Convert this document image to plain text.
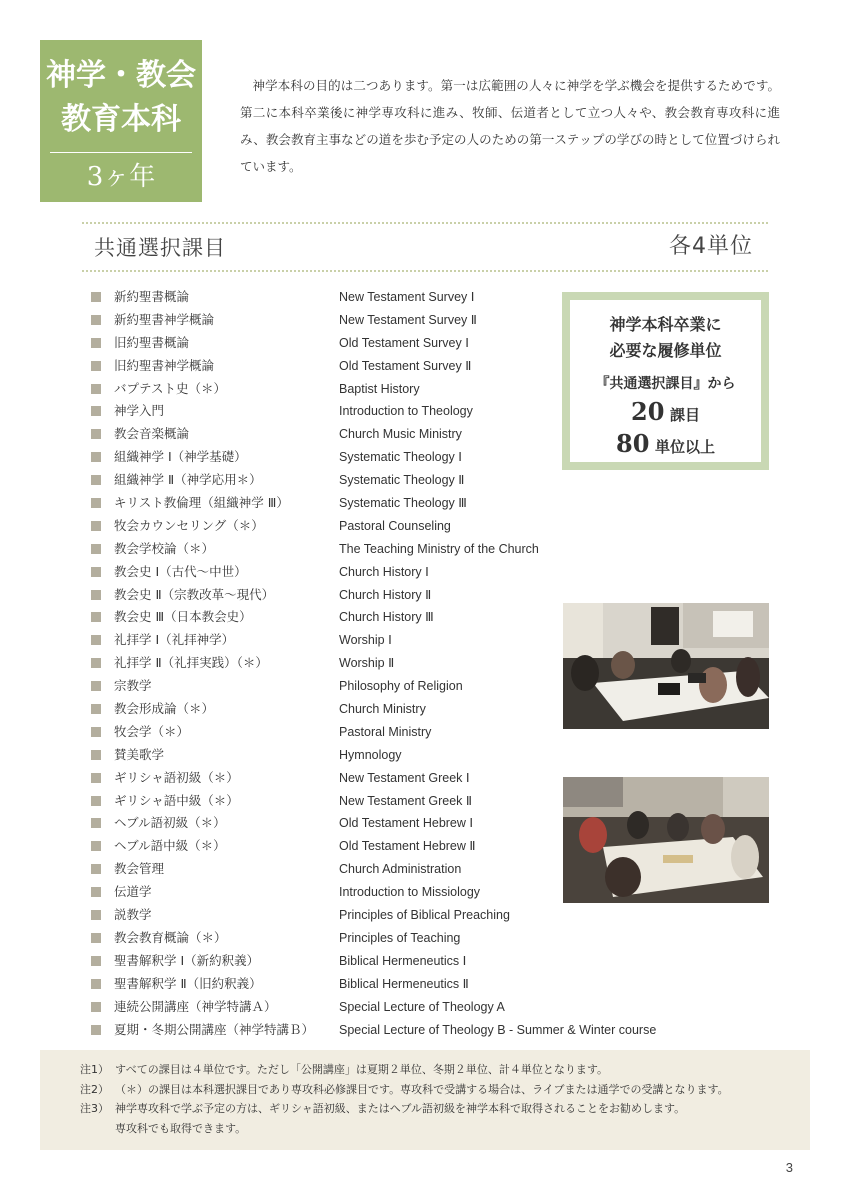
神学・教会
教育本科
3ヶ年

神学本科の目的は二つあります。第一は広範囲の人々に神学を学ぶ機会を提供するためです。第二に本科卒業後に神学専攻科に進み、牧師、伝道者として立つ人々や、教会教育専攻科に進み、教会教育主事などの道を歩む予定の人のための第一ステップの学びの時として位置づけられています。

共通選択課目	各4単位
新約聖書概論	New Testament Survey Ⅰ
新約聖書神学概論	New Testament Survey Ⅱ
旧約聖書概論	Old Testament Survey Ⅰ
旧約聖書神学概論	Old Testament Survey Ⅱ
バプテスト史（＊）	Baptist History
神学入門	Introduction to Theology
教会音楽概論	Church Music Ministry
組織神学 Ⅰ（神学基礎）	Systematic Theology Ⅰ
組織神学 Ⅱ（神学応用＊）	Systematic Theology Ⅱ
キリスト教倫理（組織神学 Ⅲ）	Systematic Theology Ⅲ
牧会カウンセリング（＊）	Pastoral Counseling
教会学校論（＊）	The Teaching Ministry of the Church
教会史 Ⅰ（古代〜中世）	Church History Ⅰ
教会史 Ⅱ（宗教改革〜現代）	Church History Ⅱ
教会史 Ⅲ（日本教会史）	Church History Ⅲ
礼拝学 Ⅰ（礼拝神学）	Worship Ⅰ
礼拝学 Ⅱ（礼拝実践）（＊）	Worship Ⅱ
宗教学	Philosophy of Religion
教会形成論（＊）	Church Ministry
牧会学（＊）	Pastoral Ministry
賛美歌学	Hymnology
ギリシャ語初級（＊）	New Testament Greek Ⅰ
ギリシャ語中級（＊）	New Testament Greek Ⅱ
ヘブル語初級（＊）	Old Testament Hebrew Ⅰ
ヘブル語中級（＊）	Old Testament Hebrew Ⅱ
教会管理	Church Administration
伝道学	Introduction to Missiology
説教学	Principles of Biblical Preaching
教会教育概論（＊）	Principles of Teaching
聖書解釈学 Ⅰ（新約釈義）	Biblical Hermeneutics Ⅰ
聖書解釈学 Ⅱ（旧約釈義）	Biblical Hermeneutics Ⅱ
連続公開講座（神学特講Ａ）	Special Lecture of Theology A
夏期・冬期公開講座（神学特講Ｂ） Special Lecture of Theology B - Summer & Winter course
神学本科卒業に
必要な履修単位
『共通選択課目』から
20 課目
80 単位以上
注1） すべての課目は４単位です。ただし「公開講座」は夏期２単位、冬期２単位、計４単位となります。
注2） （＊）の課目は本科選択課目であり専攻科必修課目です。専攻科で受講する場合は、ライブまたは通学での受講となります。
注3） 神学専攻科で学ぶ予定の方は、ギリシャ語初級、またはヘブル語初級を神学本科で取得されることをお勧めします。
専攻科でも取得できます。
3
